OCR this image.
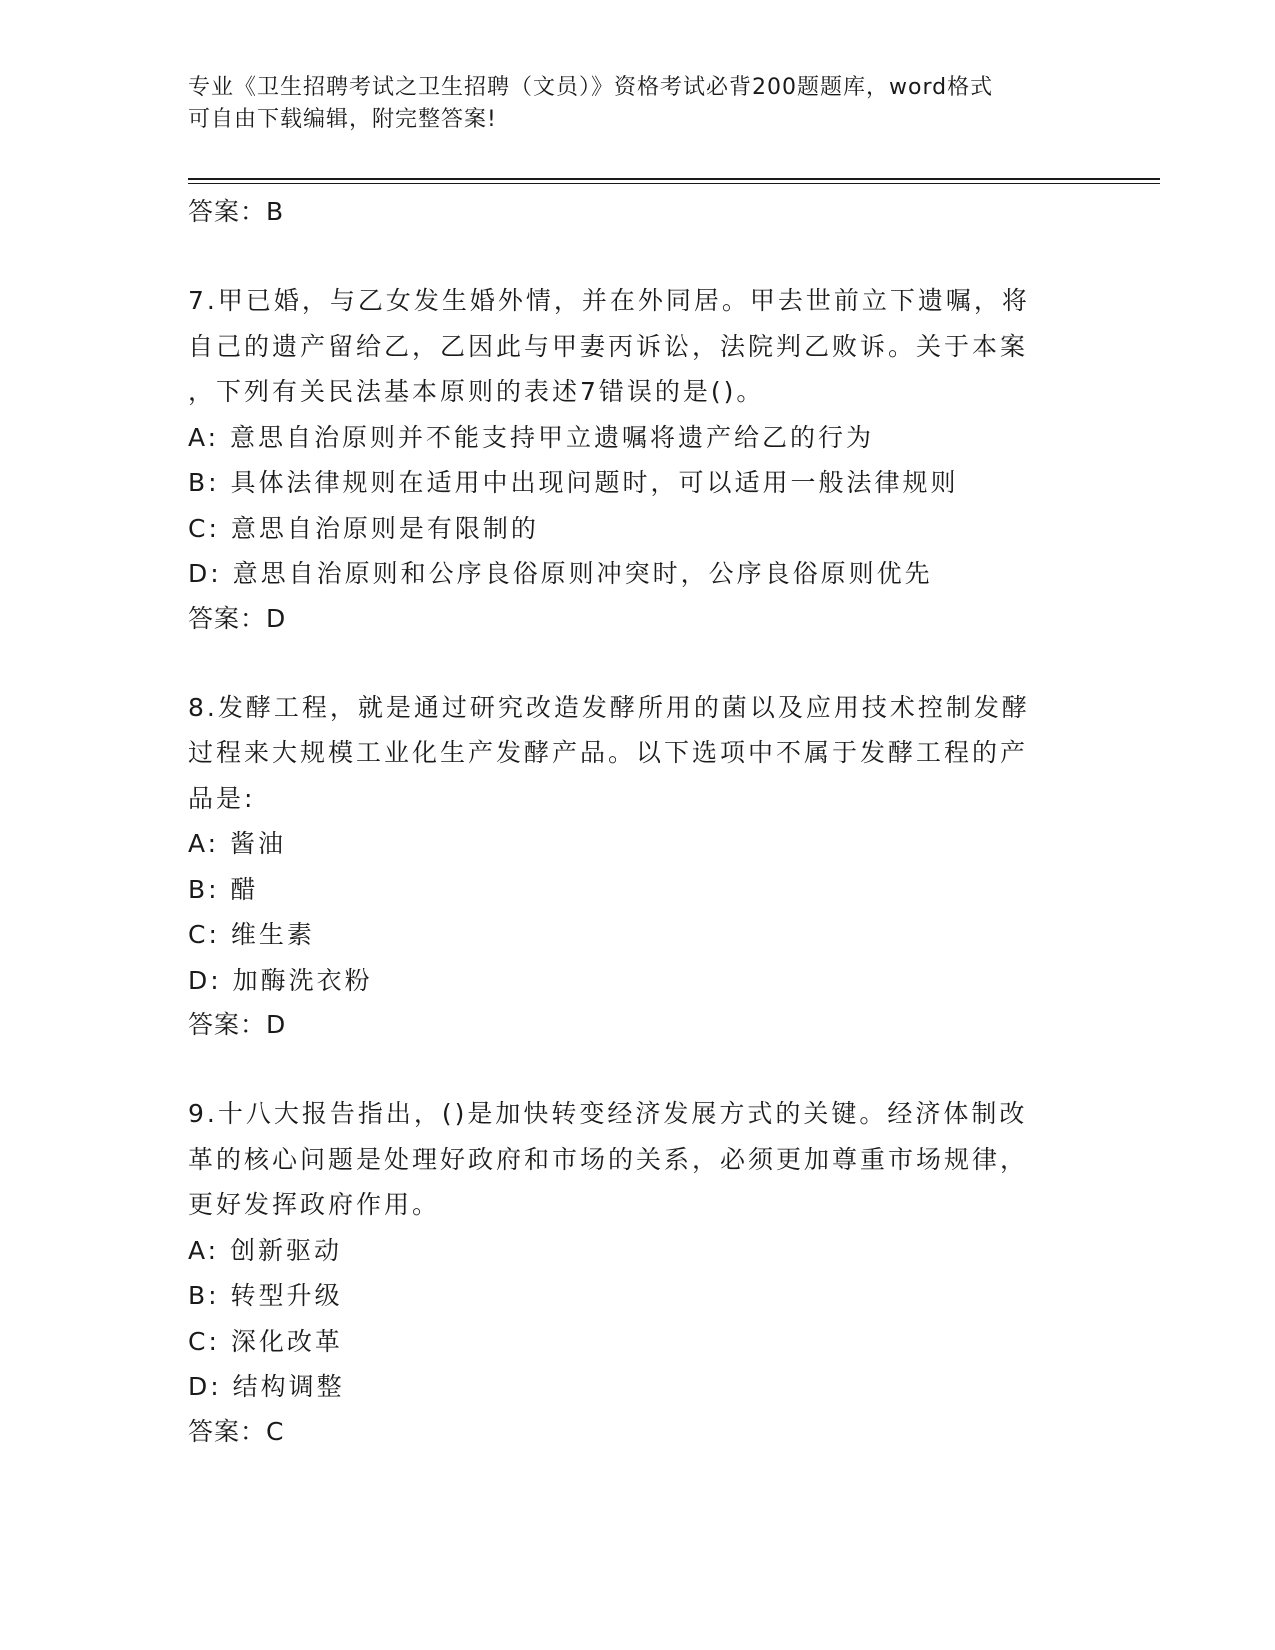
专业《卫生招聘考试之卫生招聘（文员）》资格考试必背200题题库，word格式
可自由下载编辑，附完整答案!
答案：B
7.甲已婚，与乙女发生婚外情，并在外同居。甲去世前立下遗嘱，将
自己的遗产留给乙，乙因此与甲妻丙诉讼，法院判乙败诉。关于本案
，下列有关民法基本原则的表述7错误的是()。
A: 意思自治原则并不能支持甲立遗嘱将遗产给乙的行为
B: 具体法律规则在适用中出现问题时，可以适用一般法律规则
C: 意思自治原则是有限制的
D: 意思自治原则和公序良俗原则冲突时，公序良俗原则优先
答案：D
8.发酵工程，就是通过研究改造发酵所用的菌以及应用技术控制发酵
过程来大规模工业化生产发酵产品。以下选项中不属于发酵工程的产
品是:
A: 酱油
B: 醋
C: 维生素
D: 加酶洗衣粉
答案：D
9.十八大报告指出，()是加快转变经济发展方式的关键。经济体制改
革的核心问题是处理好政府和市场的关系，必须更加尊重市场规律，
更好发挥政府作用。
A: 创新驱动
B: 转型升级
C: 深化改革
D: 结构调整
答案：C
